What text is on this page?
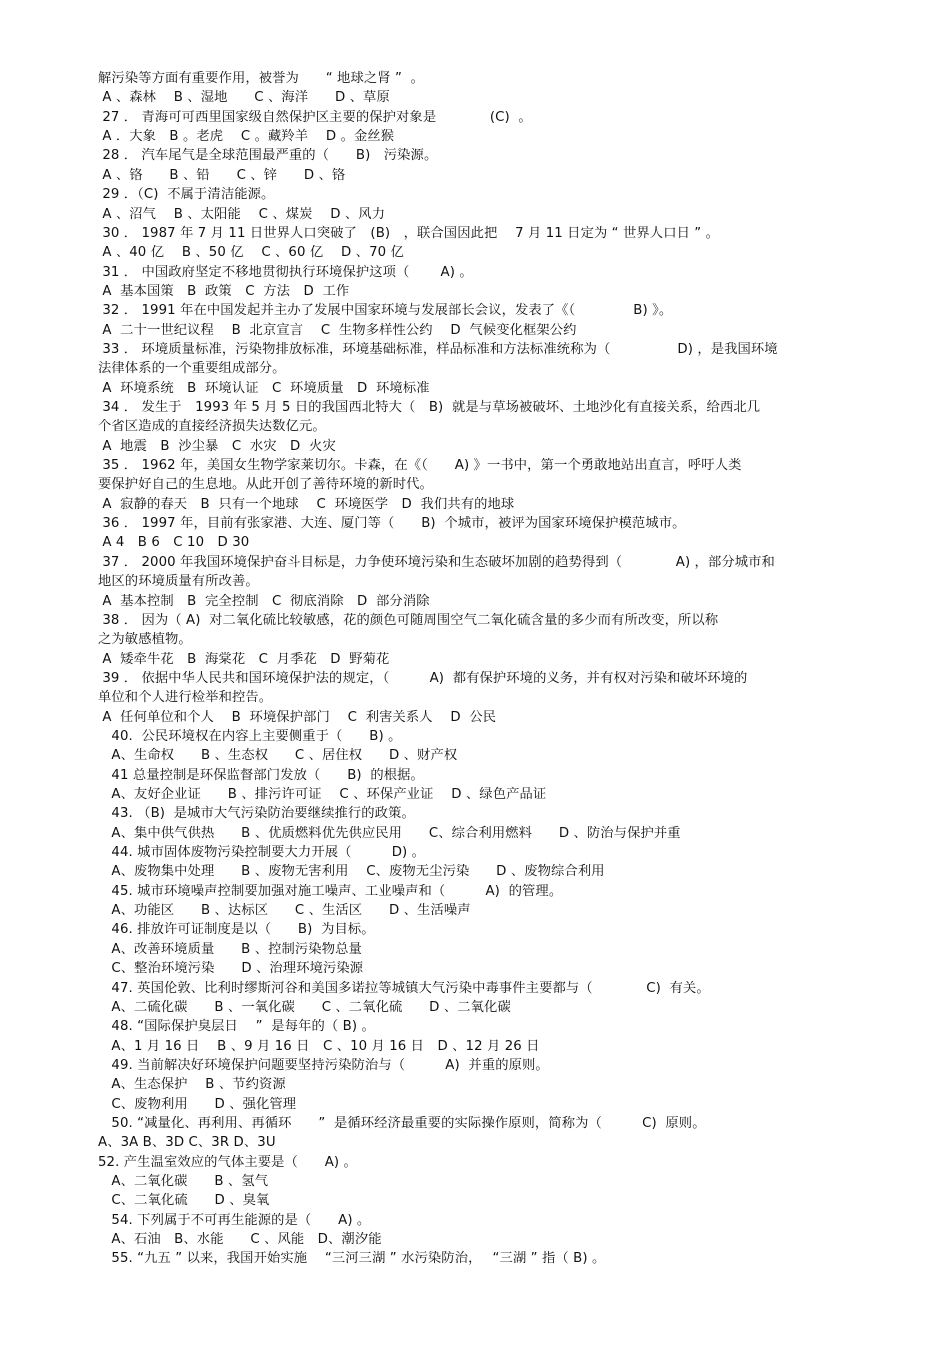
解污染等方面有重要作用，被誉为　　“ 地球之肾 ”  。
A 、森林　 B 、湿地　　C 、海洋　　D 、草原
27 ． 青海可可西里国家级自然保护区主要的保护对象是　　　　(C)  。
A ．大象　B 。老虎　 C 。藏羚羊　 D 。金丝猴
28 ． 汽车尾气是全球范围最严重的（　　B)　污染源。
A 、铬　　B 、铅　　C 、锌　　D 、铬
29 ．（C)  不属于清洁能源。
A 、沼气　 B 、太阳能　 C 、煤炭　 D 、风力
30 ． 1987 年 7 月 11 日世界人口突破了　(B)　，联合国因此把　 7 月 11 日定为 “ 世界人口日 ” 。
A 、40 亿　 B 、50 亿　 C 、60 亿　 D 、70 亿
31 ． 中国政府坚定不移地贯彻执行环境保护这项（　　 A) 。
A  基本国策　B  政策　C  方法　D  工作
32 ． 1991 年在中国发起并主办了发展中国家环境与发展部长会议，发表了《（　　　　 B) 》。
A  二十一世纪议程　 B  北京宣言　 C  生物多样性公约　 D  气候变化框架公约
33 ． 环境质量标准，污染物排放标准，环境基础标准，样品标准和方法标准统称为（　　　　　D) ，是我国环境
法律体系的一个重要组成部分。
A  环境系统　B  环境认证　C  环境质量　D  环境标准
34 ． 发生于　1993 年 5 月 5 日的我国西北特大（　B)  就是与草场被破坏、土地沙化有直接关系，给西北几
个省区造成的直接经济损失达数亿元。
A  地震　B  沙尘暴　C  水灾　D  火灾
35 ． 1962 年，美国女生物学家莱切尔。卡森，在《（　　A) 》一书中，第一个勇敢地站出直言，呼吁人类
要保护好自己的生息地。从此开创了善待环境的新时代。
A  寂静的春天　B  只有一个地球　 C  环境医学　D  我们共有的地球
36 ． 1997 年，目前有张家港、大连、厦门等（　　B)  个城市，被评为国家环境保护模范城市。
A 4　B 6　C 10　D 30
37 ． 2000 年我国环境保护奋斗目标是，力争使环境污染和生态破坏加剧的趋势得到（　　　　A) ，部分城市和
地区的环境质量有所改善。
A  基本控制　B  完全控制　C  彻底消除　D  部分消除
38 ． 因为（ A)  对二氧化硫比较敏感，花的颜色可随周围空气二氧化硫含量的多少而有所改变，所以称
之为敏感植物。
A  矮牵牛花　B  海棠花　C  月季花　D  野菊花
39 ． 依据中华人民共和国环境保护法的规定，（　　　A)  都有保护环境的义务，并有权对污染和破坏环境的
单位和个人进行检举和控告。
A  任何单位和个人　 B  环境保护部门　 C  利害关系人　 D  公民
　40.  公民环境权在内容上主要侧重于（　　B) 。
　A、生命权　　B 、生态权　　C 、居住权　　D 、财产权
　41 总量控制是环保监督部门发放（　　B)  的根据。
　A、友好企业证　　B 、排污许可证　 C 、环保产业证　 D 、绿色产品证
　43. （B)  是城市大气污染防治要继续推行的政策。
　A、集中供气供热　　B 、优质燃料优先供应民用　　C、综合利用燃料　　D 、防治与保护并重
　44. 城市固体废物污染控制要大力开展（　　　D) 。
　A、废物集中处理　　B 、废物无害利用　 C、废物无尘污染　　D 、废物综合利用
　45. 城市环境噪声控制要加强对施工噪声、工业噪声和（　　　A)  的管理。
　A、功能区　　B 、达标区　　C 、生活区　　D 、生活噪声
　46. 排放许可证制度是以（　　B)  为目标。
　A、改善环境质量　　B 、控制污染物总量
　C、整治环境污染　　D 、治理环境污染源
　47. 英国伦敦、比利时缪斯河谷和美国多诺拉等城镇大气污染中毒事件主要都与（　　　　C)  有关。
　A、二硫化碳　　B 、一氧化碳　　C 、二氧化硫　　D 、二氧化碳
　48. “国际保护臭层日　 ”  是每年的（ B) 。
　A、1 月 16 日　 B 、9 月 16 日　C 、10 月 16 日　D 、12 月 26 日
　49. 当前解决好环境保护问题要坚持污染防治与（　　　A)  并重的原则。
　A、生态保护　 B 、节约资源
　C、废物利用　　D 、强化管理
　50. “减量化、再利用、再循环　　”  是循环经济最重要的实际操作原则，简称为（　　　C)  原则。
A、3A B、3D C、3R D、3U
52. 产生温室效应的气体主要是（　　A) 。
　A、二氧化碳　　B 、氢气
　C、二氧化硫　　D 、臭氧
　54. 下列属于不可再生能源的是（　　A) 。
　A、石油　B、水能　　C 、风能　D、潮汐能
　55. “九五 ” 以来，我国开始实施　 “三河三湖 ” 水污染防治，　 “三湖 ” 指（ B) 。
